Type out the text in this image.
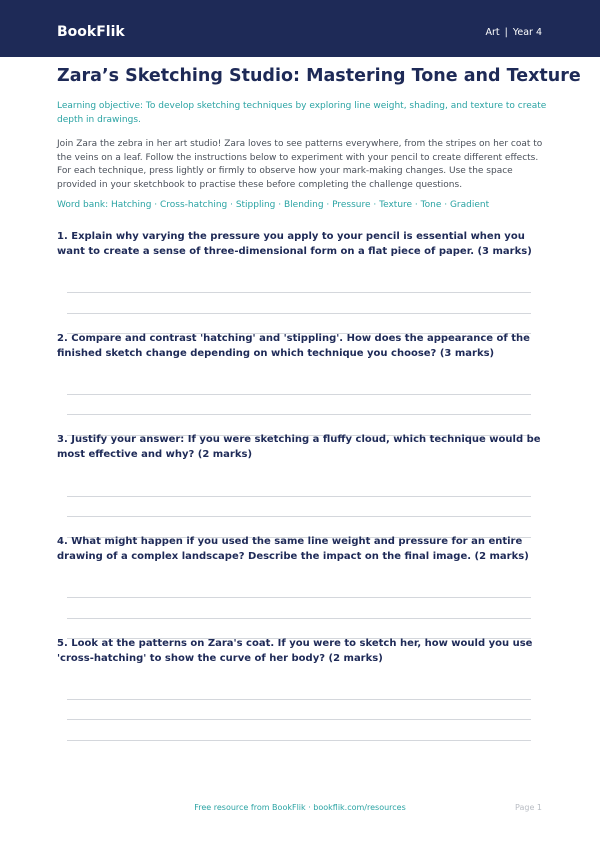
BookFlik	Art | Year 4
Zara’s Sketching Studio: Mastering Tone and Texture

Learning objective: To develop sketching techniques by exploring line weight, shading, and texture to create depth in drawings.

Join Zara the zebra in her art studio! Zara loves to see patterns everywhere, from the stripes on her coat to the veins on a leaf. Follow the instructions below to experiment with your pencil to create different effects. For each technique, press lightly or firmly to observe how your mark-making changes. Use the space provided in your sketchbook to practise these before completing the challenge questions.

Word bank: Hatching · Cross-hatching · Stippling · Blending · Pressure · Texture · Tone · Gradient

1. Explain why varying the pressure you apply to your pencil is essential when you want to create a sense of three-dimensional form on a flat piece of paper. (3 marks)

2. Compare and contrast 'hatching' and 'stippling'. How does the appearance of the finished sketch change depending on which technique you choose? (3 marks)

3. Justify your answer: If you were sketching a fluffy cloud, which technique would be most effective and why? (2 marks)

4. What might happen if you used the same line weight and pressure for an entire drawing of a complex landscape? Describe the impact on the final image. (2 marks)

5. Look at the patterns on Zara's coat. If you were to sketch her, how would you use 'cross-hatching' to show the curve of her body? (2 marks)

Free resource from BookFlik · bookflik.com/resources	Page 1
